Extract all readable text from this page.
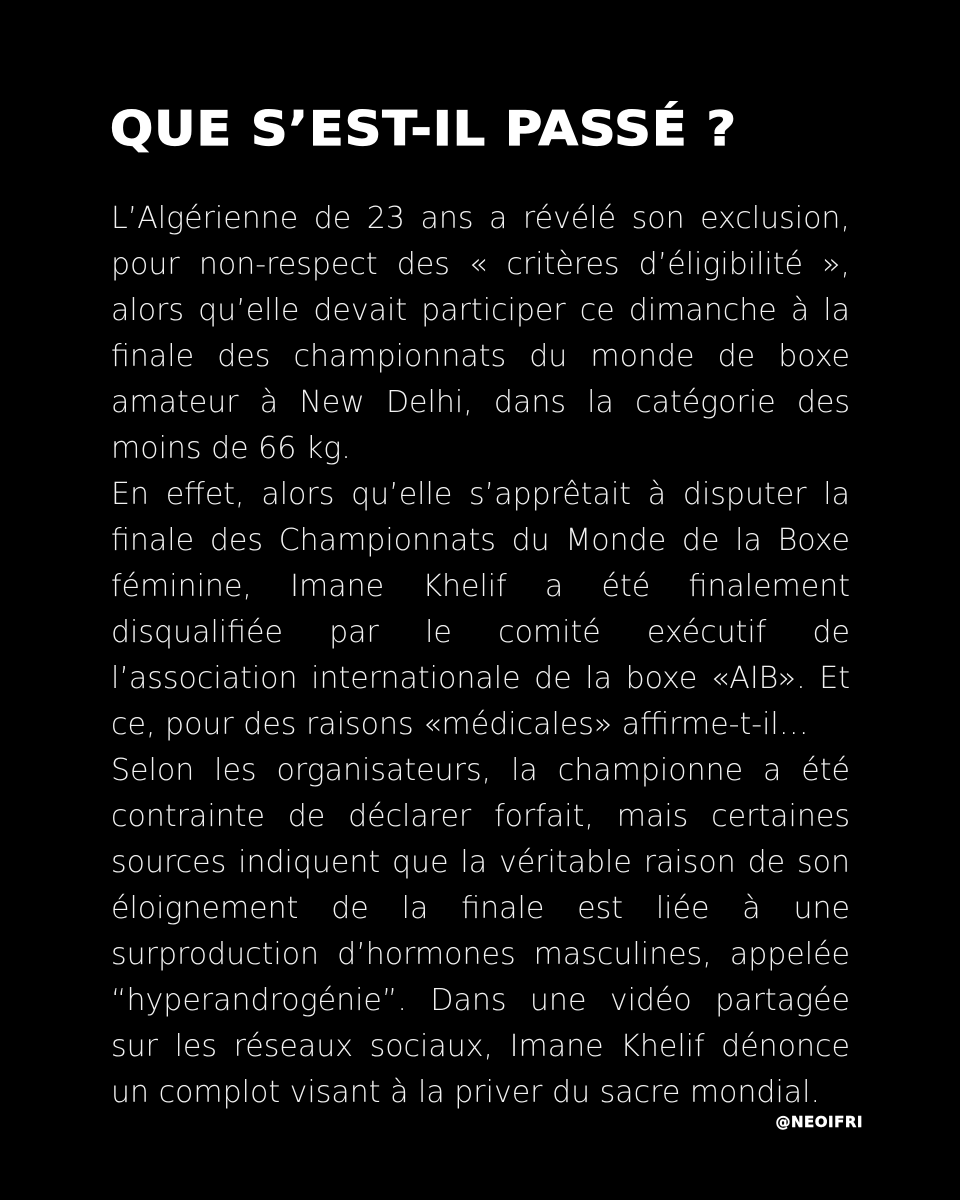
QUE S’EST-IL PASSÉ ?

L’Algérienne de 23 ans a révélé son exclusion, pour non-respect des « critères d’éligibilité », alors qu’elle devait participer ce dimanche à la finale des championnats du monde de boxe amateur à New Delhi, dans la catégorie des moins de 66 kg.

En effet, alors qu’elle s’apprêtait à disputer la finale des Championnats du Monde de la Boxe féminine, Imane Khelif a été finalement disqualifiée par le comité exécutif de l’association internationale de la boxe «AIB». Et ce, pour des raisons «médicales» affirme-t-il…

Selon les organisateurs, la championne a été contrainte de déclarer forfait, mais certaines sources indiquent que la véritable raison de son éloignement de la finale est liée à une surproduction d’hormones masculines, appelée “hyperandrogénie”. Dans une vidéo partagée sur les réseaux sociaux, Imane Khelif dénonce un complot visant à la priver du sacre mondial.

@NEOIFRI
